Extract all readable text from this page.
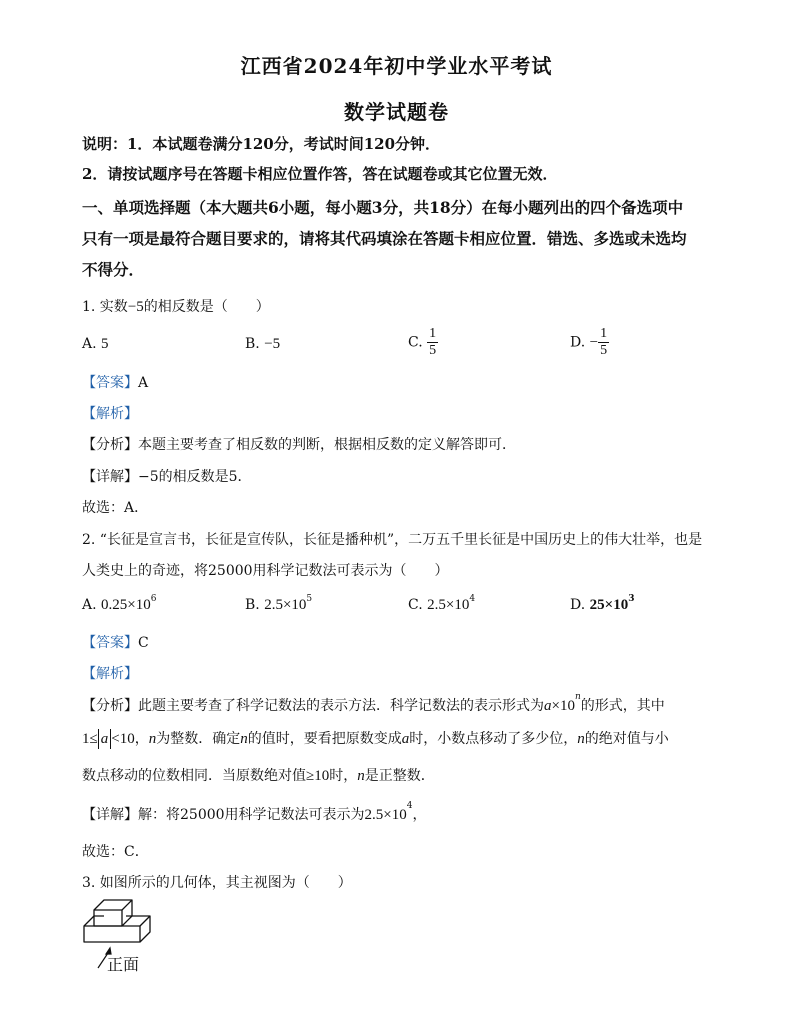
江西省2024年初中学业水平考试
数学试题卷
说明：1．本试题卷满分120分，考试时间120分钟．
2．请按试题序号在答题卡相应位置作答，答在试题卷或其它位置无效．
一、单项选择题（本大题共6小题，每小题3分，共18分）在每小题列出的四个备选项中
只有一项是最符合题目要求的，请将其代码填涂在答题卡相应位置．错选、多选或未选均
不得分．
1. 实数−5的相反数是（　　）
A. 5	B. −5	C. $\frac{1}{5}$	D. − $\frac{1}{5}$
【答案】A
【解析】
【分析】本题主要考查了相反数的判断，根据相反数的定义解答即可．
【详解】−5的相反数是5．
故选：A．
2. “长征是宣言书，长征是宣传队，长征是播种机”，二万五千里长征是中国历史上的伟大壮举，也是
人类史上的奇迹，将25000用科学记数法可表示为（　　）
A. $0.25\times 10^6$	B. $2.5\times 10^5$	C. $2.5\times 10^4$	D. $25\times 10^3$
【答案】C
【解析】
【分析】此题主要考查了科学记数法的表示方法．科学记数法的表示形式为$a\times 10^n$的形式，其中
1≤ a <10，n为整数．确定n的值时，要看把原数变成a时，小数点移动了多少位，n的绝对值与小
数点移动的位数相同．当原数绝对值≥10时，n是正整数．
【详解】解：将25000用科学记数法可表示为$2.5\times 10^4$，
故选：C．
3. 如图所示的几何体，其主视图为（　　）
正面
